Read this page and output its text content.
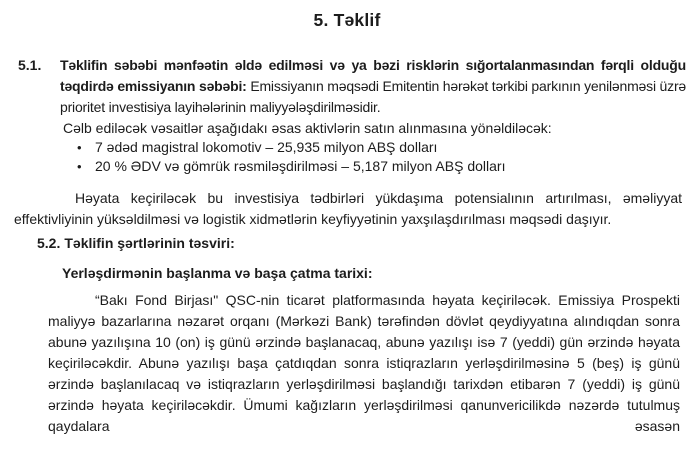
5. Təklif
5.1. Təklifin səbəbi mənfəətin əldə edilməsi və ya bəzi risklərin sığortalanmasından fərqli olduğu təqdirdə emissiyanın səbəbi: Emissiyanın məqsədi Emitentin hərəkət tərkibi parkının yenilənməsi üzrə prioritet investisiya layihələrinin maliyyələşdirilməsidir.

Cəlb ediləcək vəsaitlər aşağıdakı əsas aktivlərin satın alınmasına yönəldiləcək:

• 7 ədəd magistral lokomotiv – 25,935 milyon ABŞ dolları
• 20 % ƏDV və gömrük rəsmiləşdirilməsi – 5,187 milyon ABŞ dolları

Həyata keçiriləcək bu investisiya tədbirləri yükdaşıma potensialının artırılması, əməliyyat effektivliyinin yüksəldilməsi və logistik xidmətlərin keyfiyyətinin yaxşılaşdırılması məqsədi daşıyır.

5.2. Təklifin şərtlərinin təsviri:

Yerləşdirmənin başlanma və başa çatma tarixi:

“Bakı Fond Birjası" QSC-nin ticarət platformasında həyata keçiriləcək. Emissiya Prospekti maliyyə bazarlarına nəzarət orqanı (Mərkəzi Bank) tərəfindən dövlət qeydiyyatına alındıqdan sonra abunə yazılışına 10 (on) iş günü ərzində başlanacaq, abunə yazılışı isə 7 (yeddi) gün ərzində həyata keçiriləcəkdir. Abunə yazılışı başa çatdıqdan sonra istiqrazların yerləşdirilməsinə 5 (beş) iş günü ərzində başlanılacaq və istiqrazların yerləşdirilməsi başlandığı tarixdən etibarən 7 (yeddi) iş günü ərzində həyata keçiriləcəkdir. Ümumi kağızların yerləşdirilməsi qanunvericilikdə nəzərdə tutulmuş qaydalara əsasən
